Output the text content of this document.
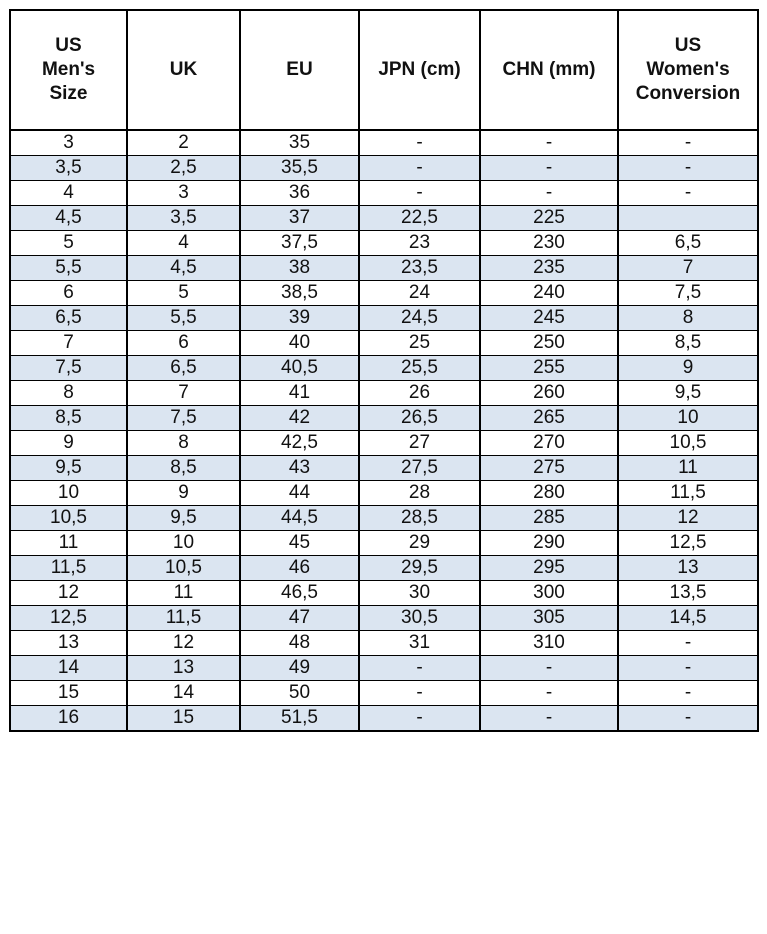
US
Men's
Size	UK	EU	JPN (cm)	CHN (mm)	US
Women's
Conversion
3	2	35	-	-	-
3,5	2,5	35,5	-	-	-
4	3	36	-	-	-
4,5	3,5	37	22,5	225	
5	4	37,5	23	230	6,5
5,5	4,5	38	23,5	235	7
6	5	38,5	24	240	7,5
6,5	5,5	39	24,5	245	8
7	6	40	25	250	8,5
7,5	6,5	40,5	25,5	255	9
8	7	41	26	260	9,5
8,5	7,5	42	26,5	265	10
9	8	42,5	27	270	10,5
9,5	8,5	43	27,5	275	11
10	9	44	28	280	11,5
10,5	9,5	44,5	28,5	285	12
11	10	45	29	290	12,5
11,5	10,5	46	29,5	295	13
12	11	46,5	30	300	13,5
12,5	11,5	47	30,5	305	14,5
13	12	48	31	310	-
14	13	49	-	-	-
15	14	50	-	-	-
16	15	51,5	-	-	-
